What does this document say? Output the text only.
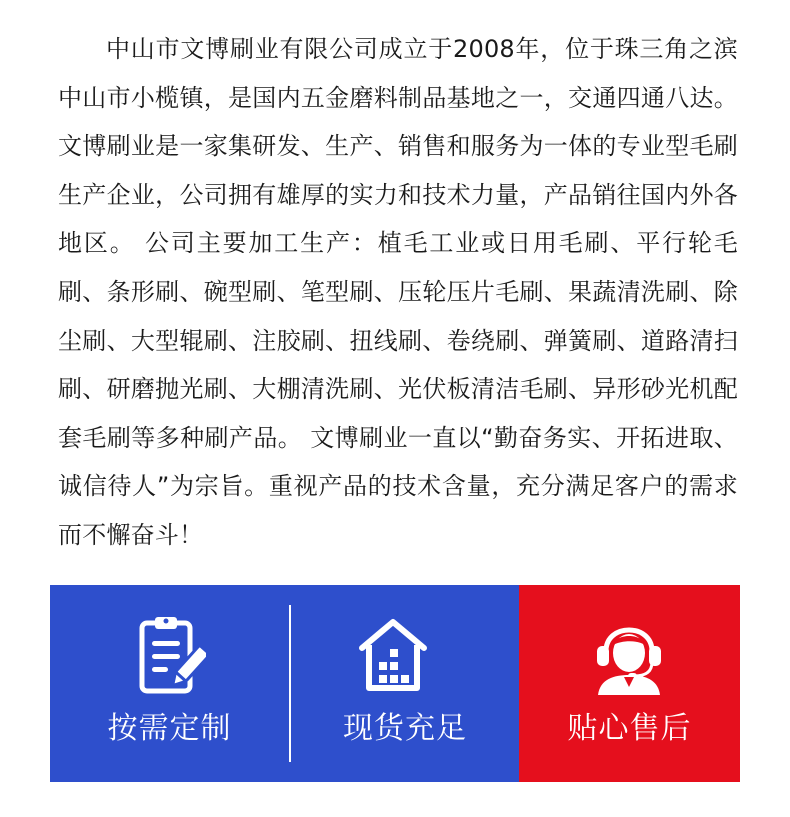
中山市文博刷业有限公司成立于2008年，位于珠三角之滨中山市小榄镇，是国内五金磨料制品基地之一，交通四通八达。文博刷业是一家集研发、生产、销售和服务为一体的专业型毛刷生产企业，公司拥有雄厚的实力和技术力量，产品销往国内外各地区。 公司主要加工生产：植毛工业或日用毛刷、平行轮毛刷、条形刷、碗型刷、笔型刷、压轮压片毛刷、果蔬清洗刷、除尘刷、大型辊刷、注胶刷、扭线刷、卷绕刷、弹簧刷、道路清扫刷、研磨抛光刷、大棚清洗刷、光伏板清洁毛刷、异形砂光机配套毛刷等多种刷产品。 文博刷业一直以“勤奋务实、开拓进取、诚信待人”为宗旨。重视产品的技术含量，充分满足客户的需求而不懈奋斗！

按需定制	现货充足	贴心售后
